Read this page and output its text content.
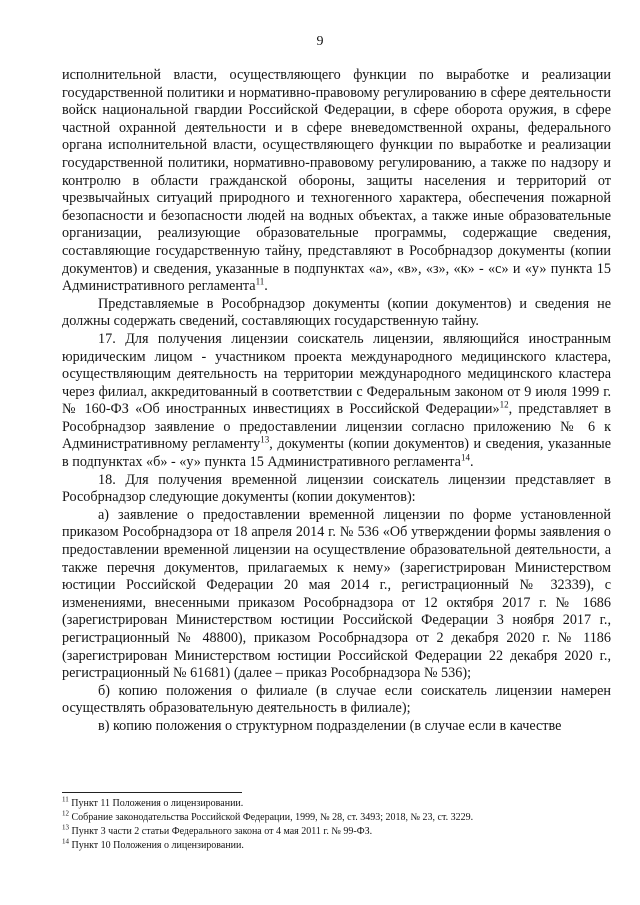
9

исполнительной власти, осуществляющего функции по выработке и реализации государственной политики и нормативно-правовому регулированию в сфере деятельности войск национальной гвардии Российской Федерации, в сфере оборота оружия, в сфере частной охранной деятельности и в сфере вневедомственной охраны, федерального органа исполнительной власти, осуществляющего функции по выработке и реализации государственной политики, нормативно-правовому регулированию, а также по надзору и контролю в области гражданской обороны, защиты населения и территорий от чрезвычайных ситуаций природного и техногенного характера, обеспечения пожарной безопасности и безопасности людей на водных объектах, а также иные образовательные организации, реализующие образовательные программы, содержащие сведения, составляющие государственную тайну, представляют в Рособрнадзор документы (копии документов) и сведения, указанные в подпунктах «а», «в», «з», «к» - «с» и «у» пункта 15 Административного регламента$^{11}$.

Представляемые в Рособрнадзор документы (копии документов) и сведения не должны содержать сведений, составляющих государственную тайну.

17. Для получения лицензии соискатель лицензии, являющийся иностранным юридическим лицом - участником проекта международного медицинского кластера, осуществляющим деятельность на территории международного медицинского кластера через филиал, аккредитованный в соответствии с Федеральным законом от 9 июля 1999 г. № 160-ФЗ «Об иностранных инвестициях в Российской Федерации»$^{12}$, представляет в Рособрнадзор заявление о предоставлении лицензии согласно приложению № 6 к Административному регламенту$^{13}$, документы (копии документов) и сведения, указанные в подпунктах «б» - «у» пункта 15 Административного регламента$^{14}$.

18. Для получения временной лицензии соискатель лицензии представляет в Рособрнадзор следующие документы (копии документов):

а) заявление о предоставлении временной лицензии по форме установленной приказом Рособрнадзора от 18 апреля 2014 г. № 536 «Об утверждении формы заявления о предоставлении временной лицензии на осуществление образовательной деятельности, а также перечня документов, прилагаемых к нему» (зарегистрирован Министерством юстиции Российской Федерации 20 мая 2014 г., регистрационный № 32339), с изменениями, внесенными приказом Рособрнадзора от 12 октября 2017 г. № 1686 (зарегистрирован Министерством юстиции Российской Федерации 3 ноября 2017 г., регистрационный № 48800), приказом Рособрнадзора от 2 декабря 2020 г. № 1186 (зарегистрирован Министерством юстиции Российской Федерации 22 декабря 2020 г., регистрационный № 61681) (далее – приказ Рособрнадзора № 536);

б) копию положения о филиале (в случае если соискатель лицензии намерен осуществлять образовательную деятельность в филиале);

в) копию положения о структурном подразделении (в случае если в качестве

$^{11}$ Пункт 11 Положения о лицензировании.
$^{12}$ Собрание законодательства Российской Федерации, 1999, № 28, ст. 3493; 2018, № 23, ст. 3229.
$^{13}$ Пункт 3 части 2 статьи Федерального закона от 4 мая 2011 г. № 99-ФЗ.
$^{14}$ Пункт 10 Положения о лицензировании.
